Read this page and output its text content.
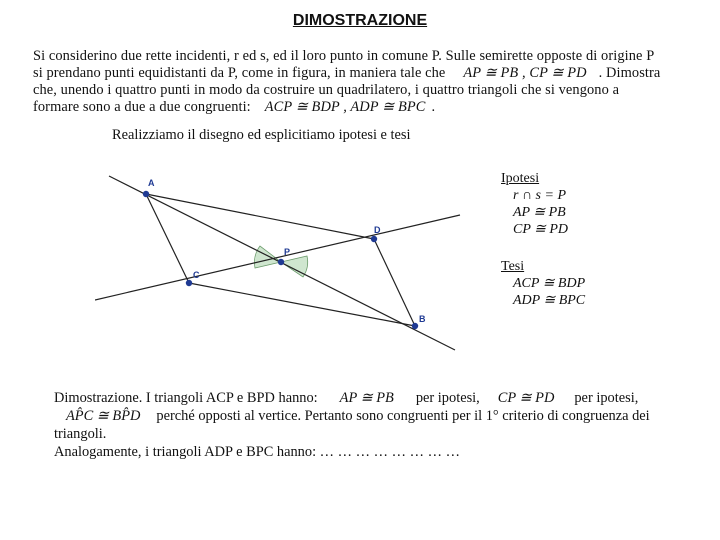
DIMOSTRAZIONE
Si considerino due rette incidenti, r ed s, ed il loro punto in comune P. Sulle semirette opposte di origine P
si prendano punti equidistanti da P, come in figura, in maniera tale che AP ≅ PB , CP ≅ PD . Dimostra
che, unendo i quattro punti in modo da costruire un quadrilatero, i quattro triangoli che si vengono a
formare sono a due a due congruenti: ACP ≅ BDP , ADP ≅ BPC .
Realizziamo il disegno ed esplicitiamo ipotesi e tesi
A
C
P
D
B
Ipotesi
r ∩ s = P
AP ≅ PB
CP ≅ PD
Tesi
ACP ≅ BDP
ADP ≅ BPC
Dimostrazione. I triangoli ACP e BPD hanno: AP ≅ PB per ipotesi, CP ≅ PD per ipotesi,
AP̂C ≅ BP̂D perché opposti al vertice. Pertanto sono congruenti per il 1° criterio di congruenza dei
triangoli.
Analogamente, i triangoli ADP e BPC hanno: … … … … … … … …
